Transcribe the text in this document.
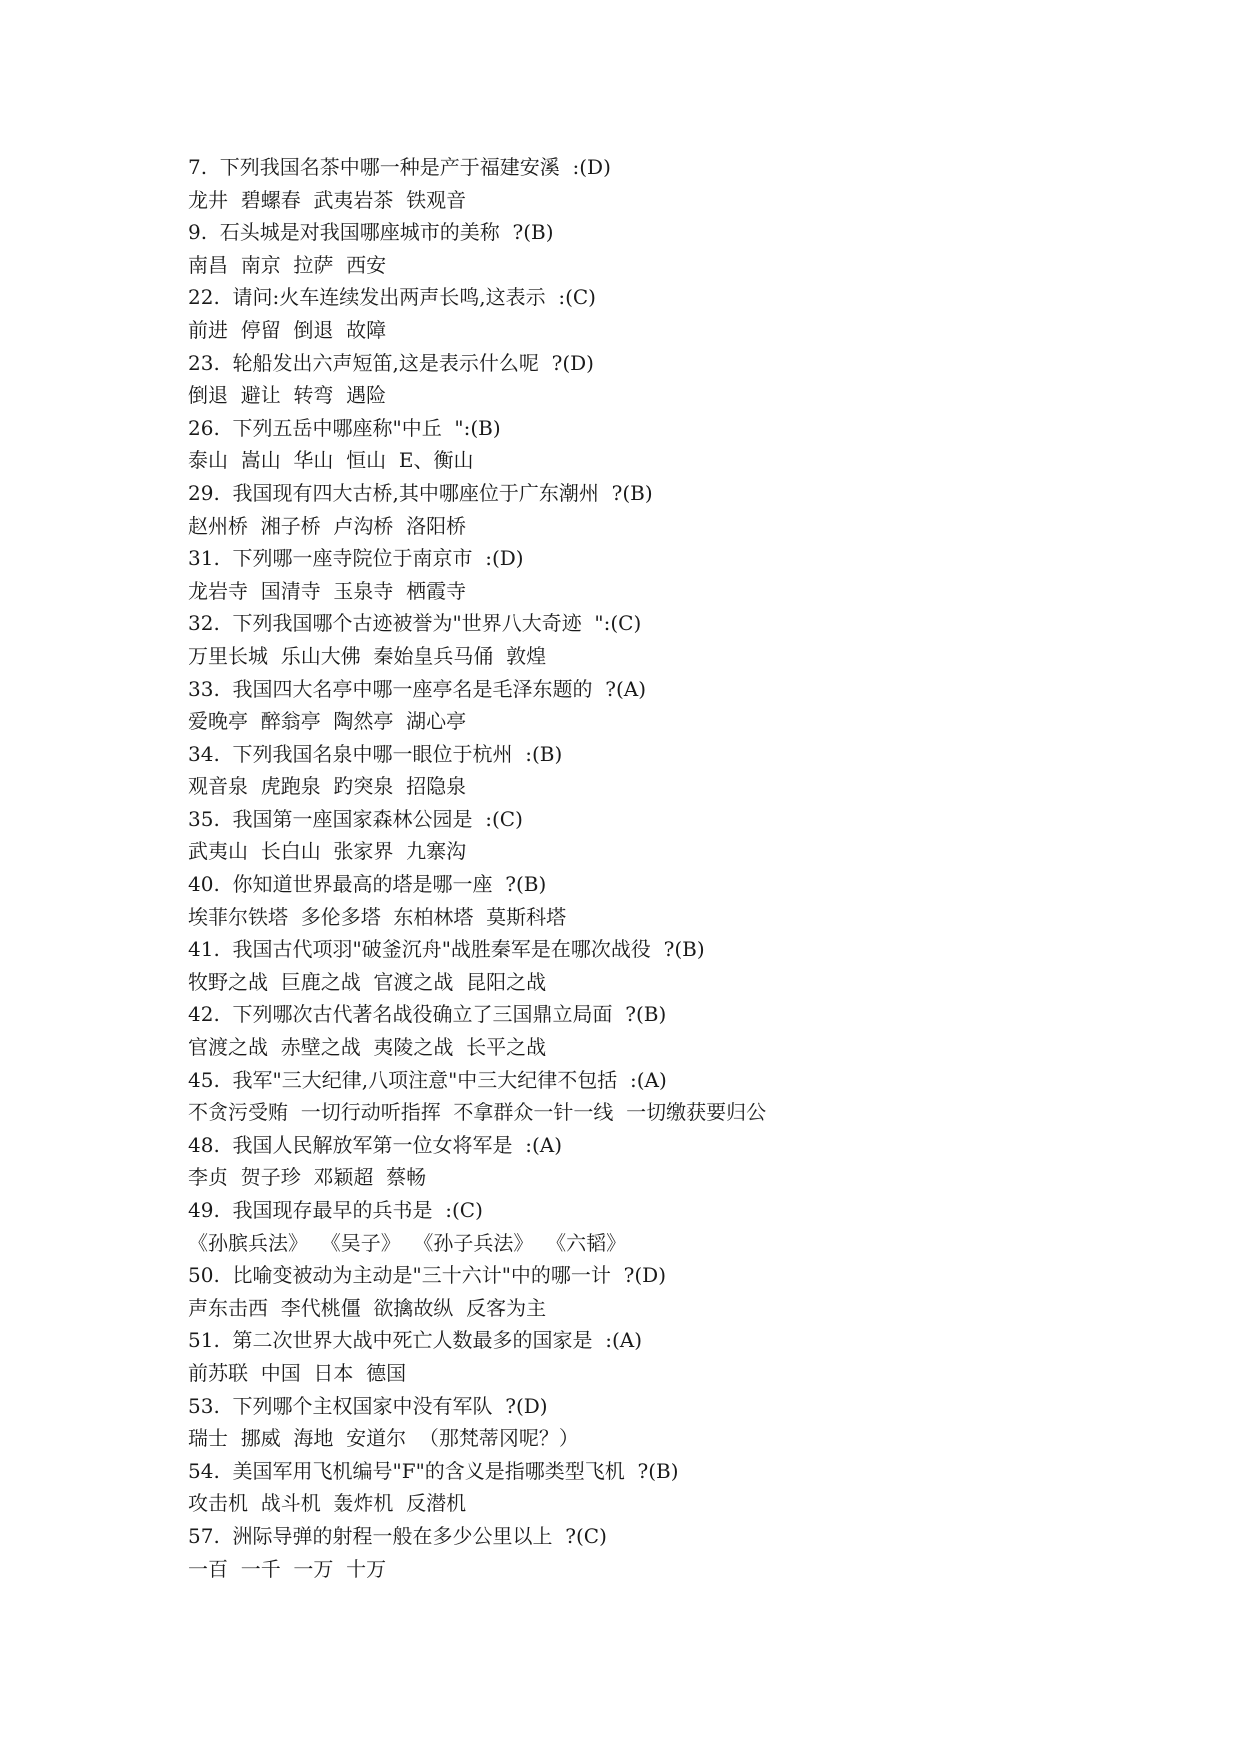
7.  下列我国名茶中哪一种是产于福建安溪  :(D)
龙井  碧螺春  武夷岩茶  铁观音
9.  石头城是对我国哪座城市的美称  ?(B)
南昌  南京  拉萨  西安
22.  请问:火车连续发出两声长鸣,这表示  :(C)
前进  停留  倒退  故障
23.  轮船发出六声短笛,这是表示什么呢  ?(D)
倒退  避让  转弯  遇险
26.  下列五岳中哪座称"中丘  ":(B)
泰山  嵩山  华山  恒山  E、衡山
29.  我国现有四大古桥,其中哪座位于广东潮州  ?(B)
赵州桥  湘子桥  卢沟桥  洛阳桥
31.  下列哪一座寺院位于南京市  :(D)
龙岩寺  国清寺  玉泉寺  栖霞寺
32.  下列我国哪个古迹被誉为"世界八大奇迹  ":(C)
万里长城  乐山大佛  秦始皇兵马俑  敦煌
33.  我国四大名亭中哪一座亭名是毛泽东题的  ?(A)
爱晚亭  醉翁亭  陶然亭  湖心亭
34.  下列我国名泉中哪一眼位于杭州  :(B)
观音泉  虎跑泉  趵突泉  招隐泉
35.  我国第一座国家森林公园是  :(C)
武夷山  长白山  张家界  九寨沟
40.  你知道世界最高的塔是哪一座  ?(B)
埃菲尔铁塔  多伦多塔  东柏林塔  莫斯科塔
41.  我国古代项羽"破釜沉舟"战胜秦军是在哪次战役  ?(B)
牧野之战  巨鹿之战  官渡之战  昆阳之战
42.  下列哪次古代著名战役确立了三国鼎立局面  ?(B)
官渡之战  赤壁之战  夷陵之战  长平之战
45.  我军"三大纪律,八项注意"中三大纪律不包括  :(A)
不贪污受贿  一切行动听指挥  不拿群众一针一线  一切缴获要归公
48.  我国人民解放军第一位女将军是  :(A)
李贞  贺子珍  邓颖超  蔡畅
49.  我国现存最早的兵书是  :(C)
《孙膑兵法》  《吴子》  《孙子兵法》  《六韬》
50.  比喻变被动为主动是"三十六计"中的哪一计  ?(D)
声东击西  李代桃僵  欲擒故纵  反客为主
51.  第二次世界大战中死亡人数最多的国家是  :(A)
前苏联  中国  日本  德国
53.  下列哪个主权国家中没有军队  ?(D)
瑞士  挪威  海地  安道尔  （那梵蒂冈呢？）
54.  美国军用飞机编号"F"的含义是指哪类型飞机  ?(B)
攻击机  战斗机  轰炸机  反潜机
57.  洲际导弹的射程一般在多少公里以上  ?(C)
一百  一千  一万  十万
